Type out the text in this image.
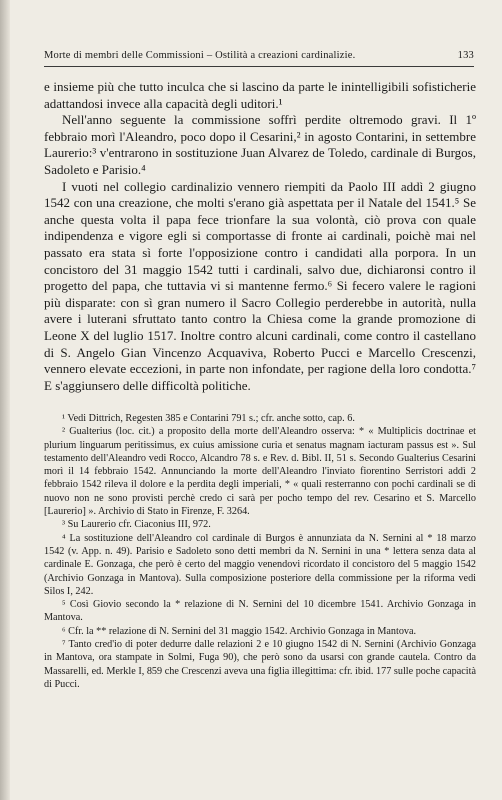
Morte di membri delle Commissioni – Ostilità a creazioni cardinalizie.	133

e insieme più che tutto inculca che si lascino da parte le inintelligibili sofisticherie adattandosi invece alla capacità degli uditori.¹

Nell'anno seguente la commissione soffrì perdite oltremodo gravi. Il 1º febbraio morì l'Aleandro, poco dopo il Cesarini,² in agosto Contarini, in settembre Laurerio:³ v'entrarono in sostituzione Juan Alvarez de Toledo, cardinale di Burgos, Sadoleto e Parisio.⁴

I vuoti nel collegio cardinalizio vennero riempiti da Paolo III addì 2 giugno 1542 con una creazione, che molti s'erano già aspettata per il Natale del 1541.⁵ Se anche questa volta il papa fece trionfare la sua volontà, ciò prova con quale indipendenza e vigore egli si comportasse di fronte ai cardinali, poichè mai nel passato era stata sì forte l'opposizione contro i candidati alla porpora. In un concistoro del 31 maggio 1542 tutti i cardinali, salvo due, dichiaronsi contro il progetto del papa, che tuttavia vi si mantenne fermo.⁶ Si fecero valere le ragioni più disparate: con sì gran numero il Sacro Collegio perderebbe in autorità, nulla avere i luterani sfruttato tanto contro la Chiesa come la grande promozione di Leone X del luglio 1517. Inoltre contro alcuni cardinali, come contro il castellano di S. Angelo Gian Vincenzo Acquaviva, Roberto Pucci e Marcello Crescenzi, vennero elevate eccezioni, in parte non infondate, per ragione della loro condotta.⁷ E s'aggiunsero delle difficoltà politiche.

¹ Vedi Dittrich, Regesten 385 e Contarini 791 s.; cfr. anche sotto, cap. 6.

² Gualterius (loc. cit.) a proposito della morte dell'Aleandro osserva: * « Multiplicis doctrinae et plurium linguarum peritissimus, ex cuius amissione curia et senatus magnam iacturam passus est ». Sul testamento dell'Aleandro vedi Rocco, Alcandro 78 s. e Rev. d. Bibl. II, 51 s. Secondo Gualterius Cesarini morì il 14 febbraio 1542. Annunciando la morte dell'Aleandro l'inviato fiorentino Serristori addì 2 febbraio 1542 rileva il dolore e la perdita degli imperiali, * « quali resterranno con pochi cardinali se di nuovo non ne sono provisti perchè credo ci sarà per pocho tempo del rev. Cesarino et S. Marcello [Laurerio] ». Archivio di Stato in Firenze, F. 3264.

³ Su Laurerio cfr. Ciaconius III, 972.

⁴ La sostituzione dell'Aleandro col cardinale di Burgos è annunziata da N. Sernini al * 18 marzo 1542 (v. App. n. 49). Parisio e Sadoleto sono detti membri da N. Sernini in una * lettera senza data al cardinale E. Gonzaga, che però è certo del maggio venendovi ricordato il concistoro del 5 maggio 1542 (Archivio Gonzaga in Mantova). Sulla composizione posteriore della commissione per la riforma vedi Silos I, 242.

⁵ Così Giovio secondo la * relazione di N. Sernini del 10 dicembre 1541. Archivio Gonzaga in Mantova.

⁶ Cfr. la ** relazione di N. Sernini del 31 maggio 1542. Archivio Gonzaga in Mantova.

⁷ Tanto cred'io di poter dedurre dalle relazioni 2 e 10 giugno 1542 di N. Sernini (Archivio Gonzaga in Mantova, ora stampate in Solmi, Fuga 90), che però sono da usarsi con grande cautela. Contro da Massarelli, ed. Merkle I, 859 che Crescenzi aveva una figlia illegittima: cfr. ibid. 177 sulle poche capacità di Pucci.
